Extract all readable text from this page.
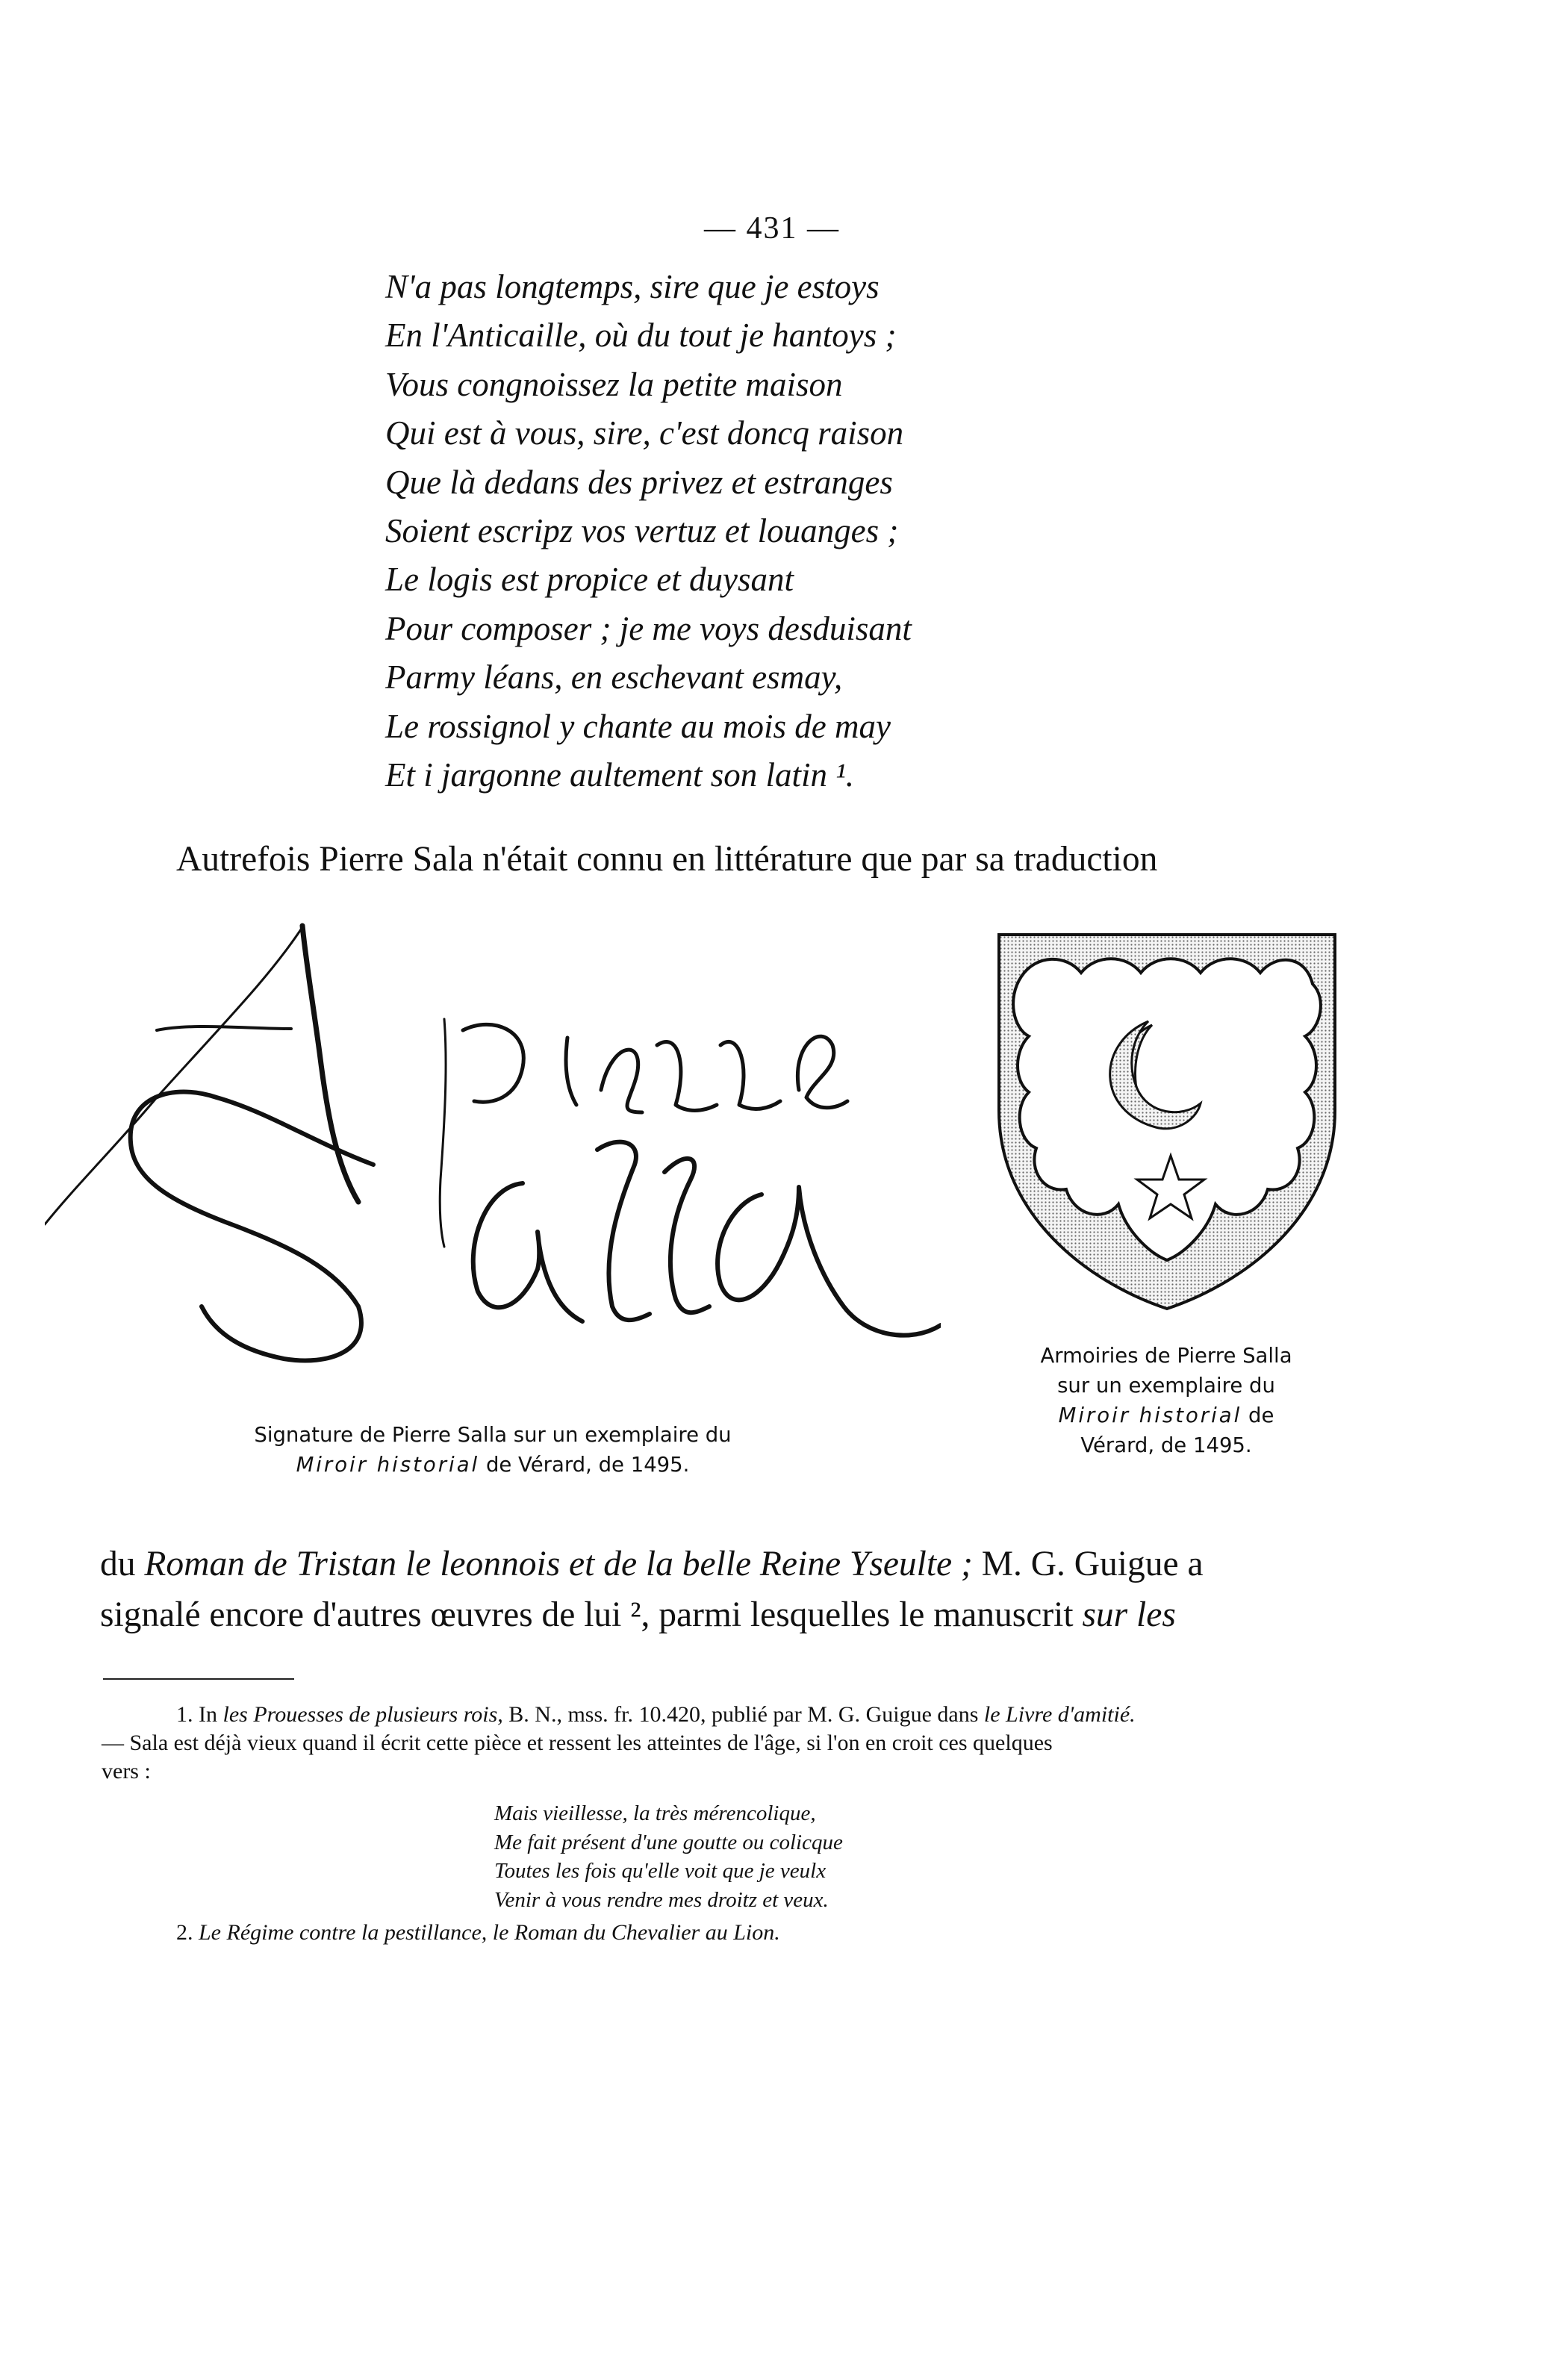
— 431 —
N'a pas longtemps, sire que je estoys
En l'Anticaille, où du tout je hantoys ;
Vous congnoissez la petite maison
Qui est à vous, sire, c'est doncq raison
Que là dedans des privez et estranges
Soient escripz vos vertuz et louanges ;
Le logis est propice et duysant
Pour composer ; je me voys desduisant
Parmy léans, en eschevant esmay,
Le rossignol y chante au mois de may
Et i jargonne aultement son latin ¹.
Autrefois Pierre Sala n'était connu en littérature que par sa traduction
Signature de Pierre Salla sur un exemplaire du
Miroir historial de Vérard, de 1495.
Armoiries de Pierre Salla
sur un exemplaire du
Miroir historial de
Vérard, de 1495.
du Roman de Tristan le leonnois et de la belle Reine Yseulte ; M. G. Guigue a
signalé encore d'autres œuvres de lui ², parmi lesquelles le manuscrit sur les
1. In les Prouesses de plusieurs rois, B. N., mss. fr. 10.420, publié par M. G. Guigue dans le Livre d'amitié.
— Sala est déjà vieux quand il écrit cette pièce et ressent les atteintes de l'âge, si l'on en croit ces quelques
vers :
Mais vieillesse, la très mérencolique,
Me fait présent d'une goutte ou colicque
Toutes les fois qu'elle voit que je veulx
Venir à vous rendre mes droitz et veux.
2. Le Régime contre la pestillance, le Roman du Chevalier au Lion.
